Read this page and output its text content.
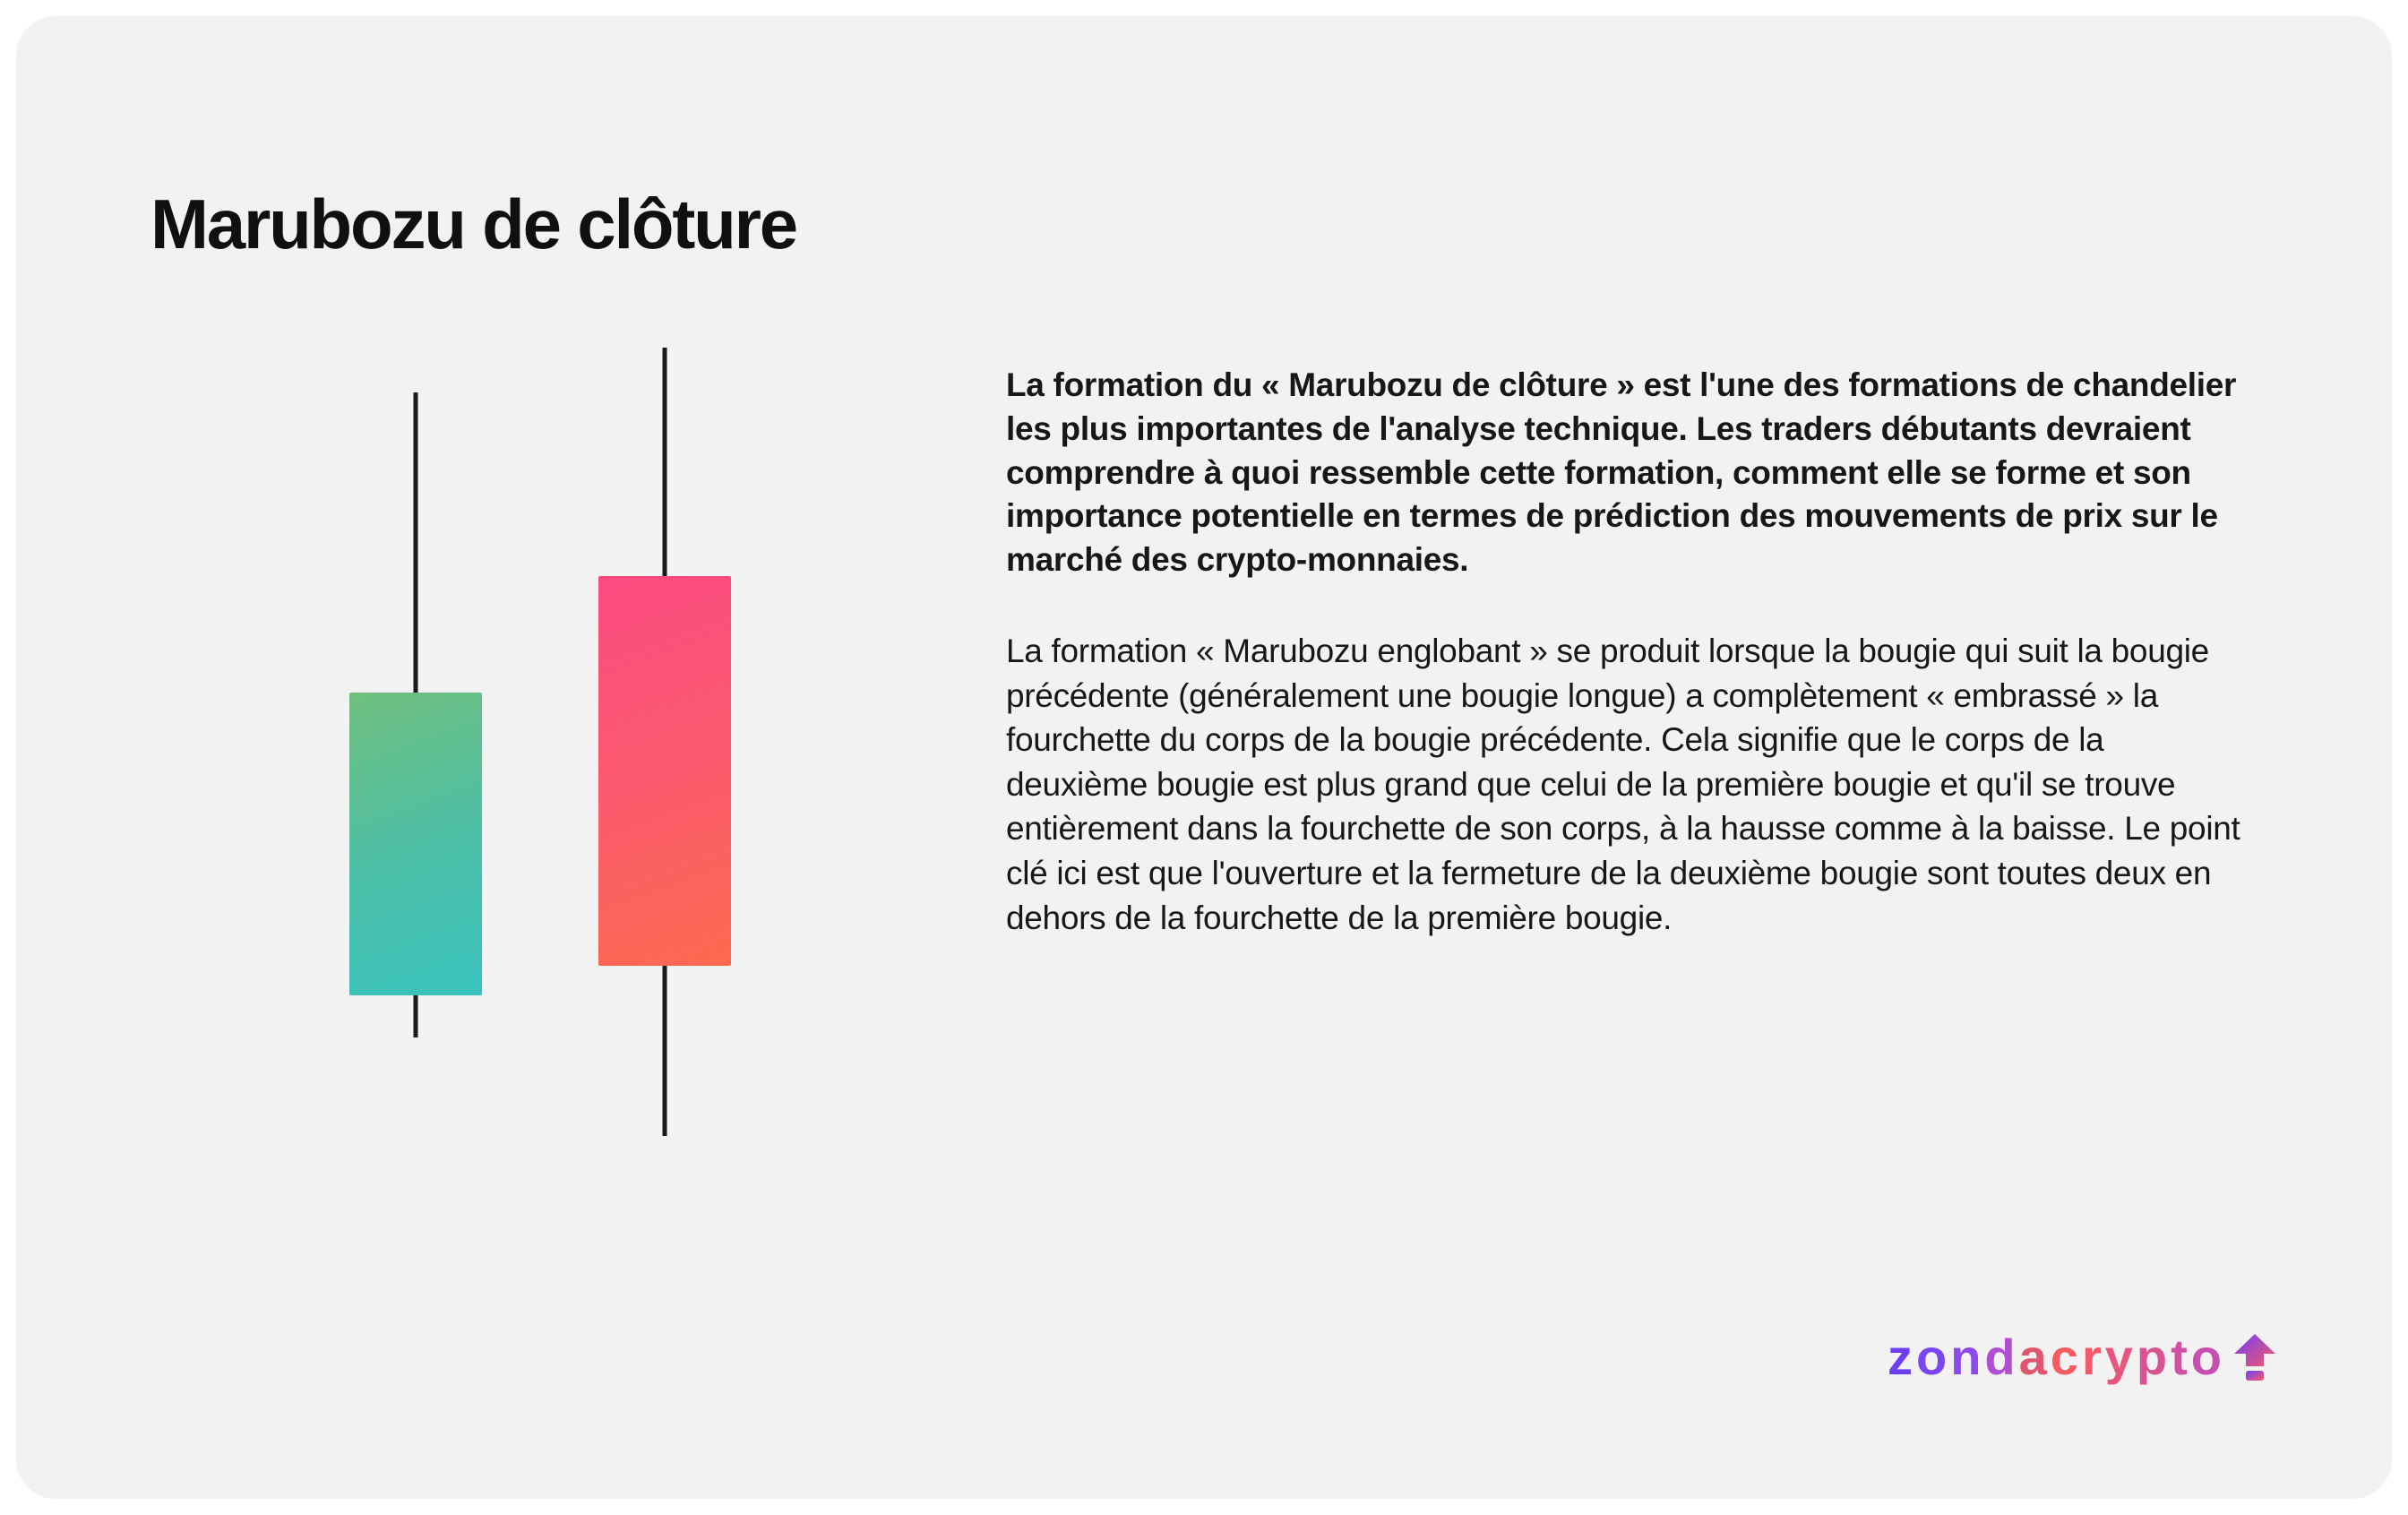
Marubozu de clôture

La formation du « Marubozu de clôture » est l'une des formations de chandelier les plus importantes de l'analyse technique. Les traders débutants devraient comprendre à quoi ressemble cette formation, comment elle se forme et son importance potentielle en termes de prédiction des mouvements de prix sur le marché des crypto-monnaies.

La formation « Marubozu englobant » se produit lorsque la bougie qui suit la bougie précédente (généralement une bougie longue) a complètement « embrassé » la fourchette du corps de la bougie précédente. Cela signifie que le corps de la deuxième bougie est plus grand que celui de la première bougie et qu'il se trouve entièrement dans la fourchette de son corps, à la hausse comme à la baisse. Le point clé ici est que l'ouverture et la fermeture de la deuxième bougie sont toutes deux en dehors de la fourchette de la première bougie.

z o n d a c r y p t o
